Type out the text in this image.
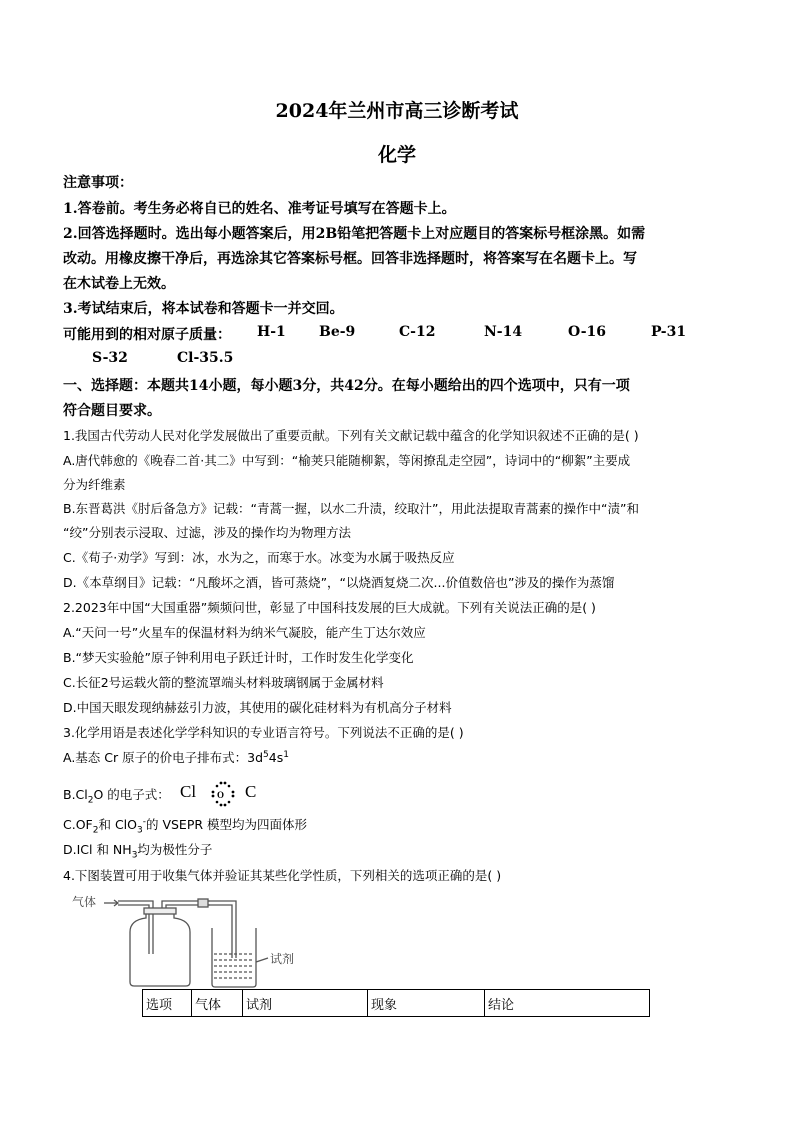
2024年兰州市高三诊断考试
化学
注意事项：
1.答卷前。考生务必将自已的姓名、准考证号填写在答题卡上。
2.回答选择题时。选出每小题答案后，用2B铅笔把答题卡上对应题目的答案标号框涂黑。如需
改动。用橡皮擦干净后，再选涂其它答案标号框。回答非选择题时，将答案写在名题卡上。写
在木试卷上无效。
3.考试结束后，将本试卷和答题卡一并交回。
可能用到的相对原子质量： H-1 Be-9	C-12	N-14	O-16	P-31
S-32	Cl-35.5
一、选择题：本题共14小题，每小题3分，共42分。在每小题给出的四个选项中，只有一项
符合题目要求。
1.我国古代劳动人民对化学发展做出了重要贡献。下列有关文献记载中蕴含的化学知识叙述不正确的是( )
A.唐代韩愈的《晚春二首·其二》中写到：“榆荚只能随柳絮，等闲撩乱走空园”，诗词中的“柳絮”主要成
分为纤维素
B.东晋葛洪《肘后备急方》记载：“青蒿一握，以水二升渍，绞取汁”，用此法提取青蒿素的操作中“渍”和
“绞”分别表示浸取、过滤，涉及的操作均为物理方法
C.《荀子·劝学》写到：冰，水为之，而寒于水。冰变为水属于吸热反应
D.《本草纲目》记载：“凡酸坏之酒，皆可蒸烧”，“以烧酒复烧二次...价值数倍也”涉及的操作为蒸馏
2.2023年中国“大国重器”频频问世，彰显了中国科技发展的巨大成就。下列有关说法正确的是( )
A.“天问一号”火星车的保温材料为纳米气凝胶，能产生丁达尔效应
B.“梦天实验舱”原子钟利用电子跃迁计时，工作时发生化学变化
C.长征2号运载火箭的整流罩端头材料玻璃钢属于金属材料
D.中国天眼发现纳赫兹引力波，其使用的碳化硅材料为有机高分子材料
3.化学用语是表述化学学科知识的专业语言符号。下列说法不正确的是( )
A.基态 Cr 原子的价电子排布式：$3d^54s^1$
$B.Cl_2O$ 的电子式： Cl O C
$C.OF_2$和 ClO$_3$-的 VSEPR 模型均为四面体形
D.ICl 和 $NH_3$均为极性分子
4.下图装置可用于收集气体并验证其某些化学性质，下列相关的选项正确的是( )
气体
试剂
选项	气体	试剂	现象	结论
